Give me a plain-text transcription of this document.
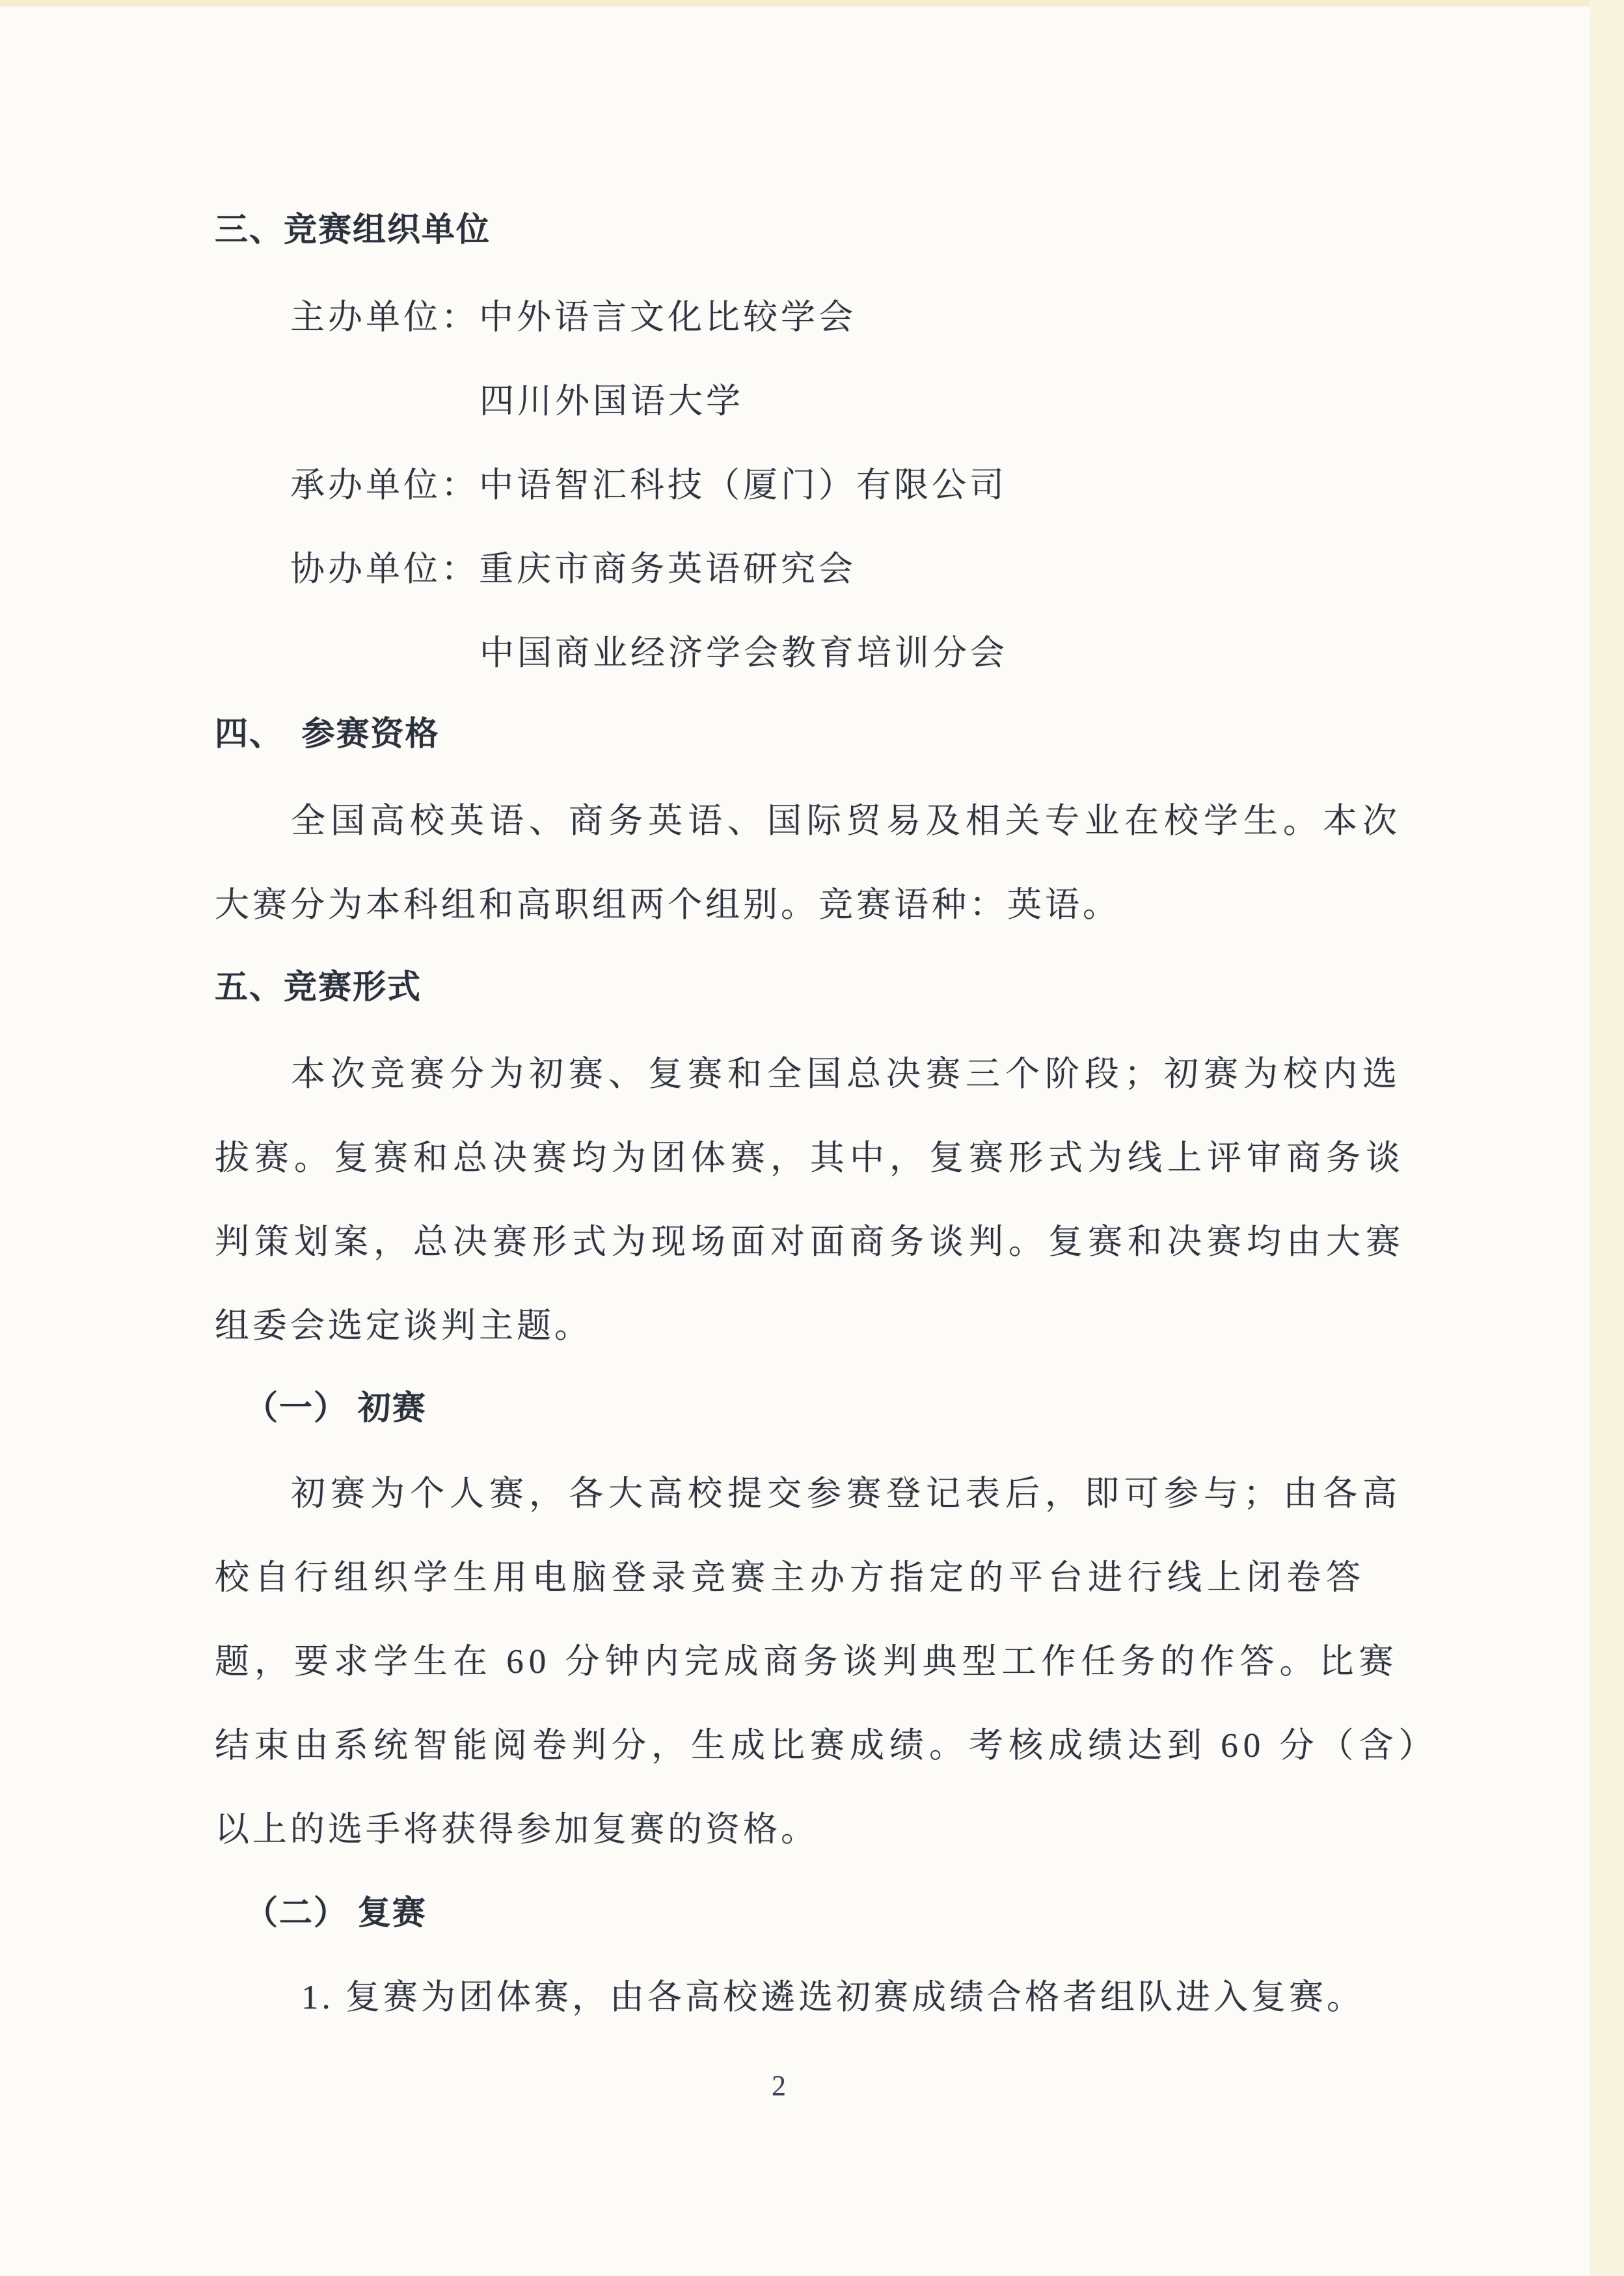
三、竞赛组织单位
主办单位：中外语言文化比较学会
四川外国语大学
承办单位：中语智汇科技（厦门）有限公司
协办单位：重庆市商务英语研究会
中国商业经济学会教育培训分会
四、　参赛资格
全国高校英语、商务英语、国际贸易及相关专业在校学生。本次
大赛分为本科组和高职组两个组别。竞赛语种：英语。
五、竞赛形式
本次竞赛分为初赛、复赛和全国总决赛三个阶段；初赛为校内选
拔赛。复赛和总决赛均为团体赛，其中，复赛形式为线上评审商务谈
判策划案，总决赛形式为现场面对面商务谈判。复赛和决赛均由大赛
组委会选定谈判主题。
（一） 初赛
初赛为个人赛，各大高校提交参赛登记表后，即可参与；由各高
校自行组织学生用电脑登录竞赛主办方指定的平台进行线上闭卷答
题，要求学生在 60 分钟内完成商务谈判典型工作任务的作答。比赛
结束由系统智能阅卷判分，生成比赛成绩。考核成绩达到 60 分（含）
以上的选手将获得参加复赛的资格。
（二） 复赛
1. 复赛为团体赛，由各高校遴选初赛成绩合格者组队进入复赛。
2
